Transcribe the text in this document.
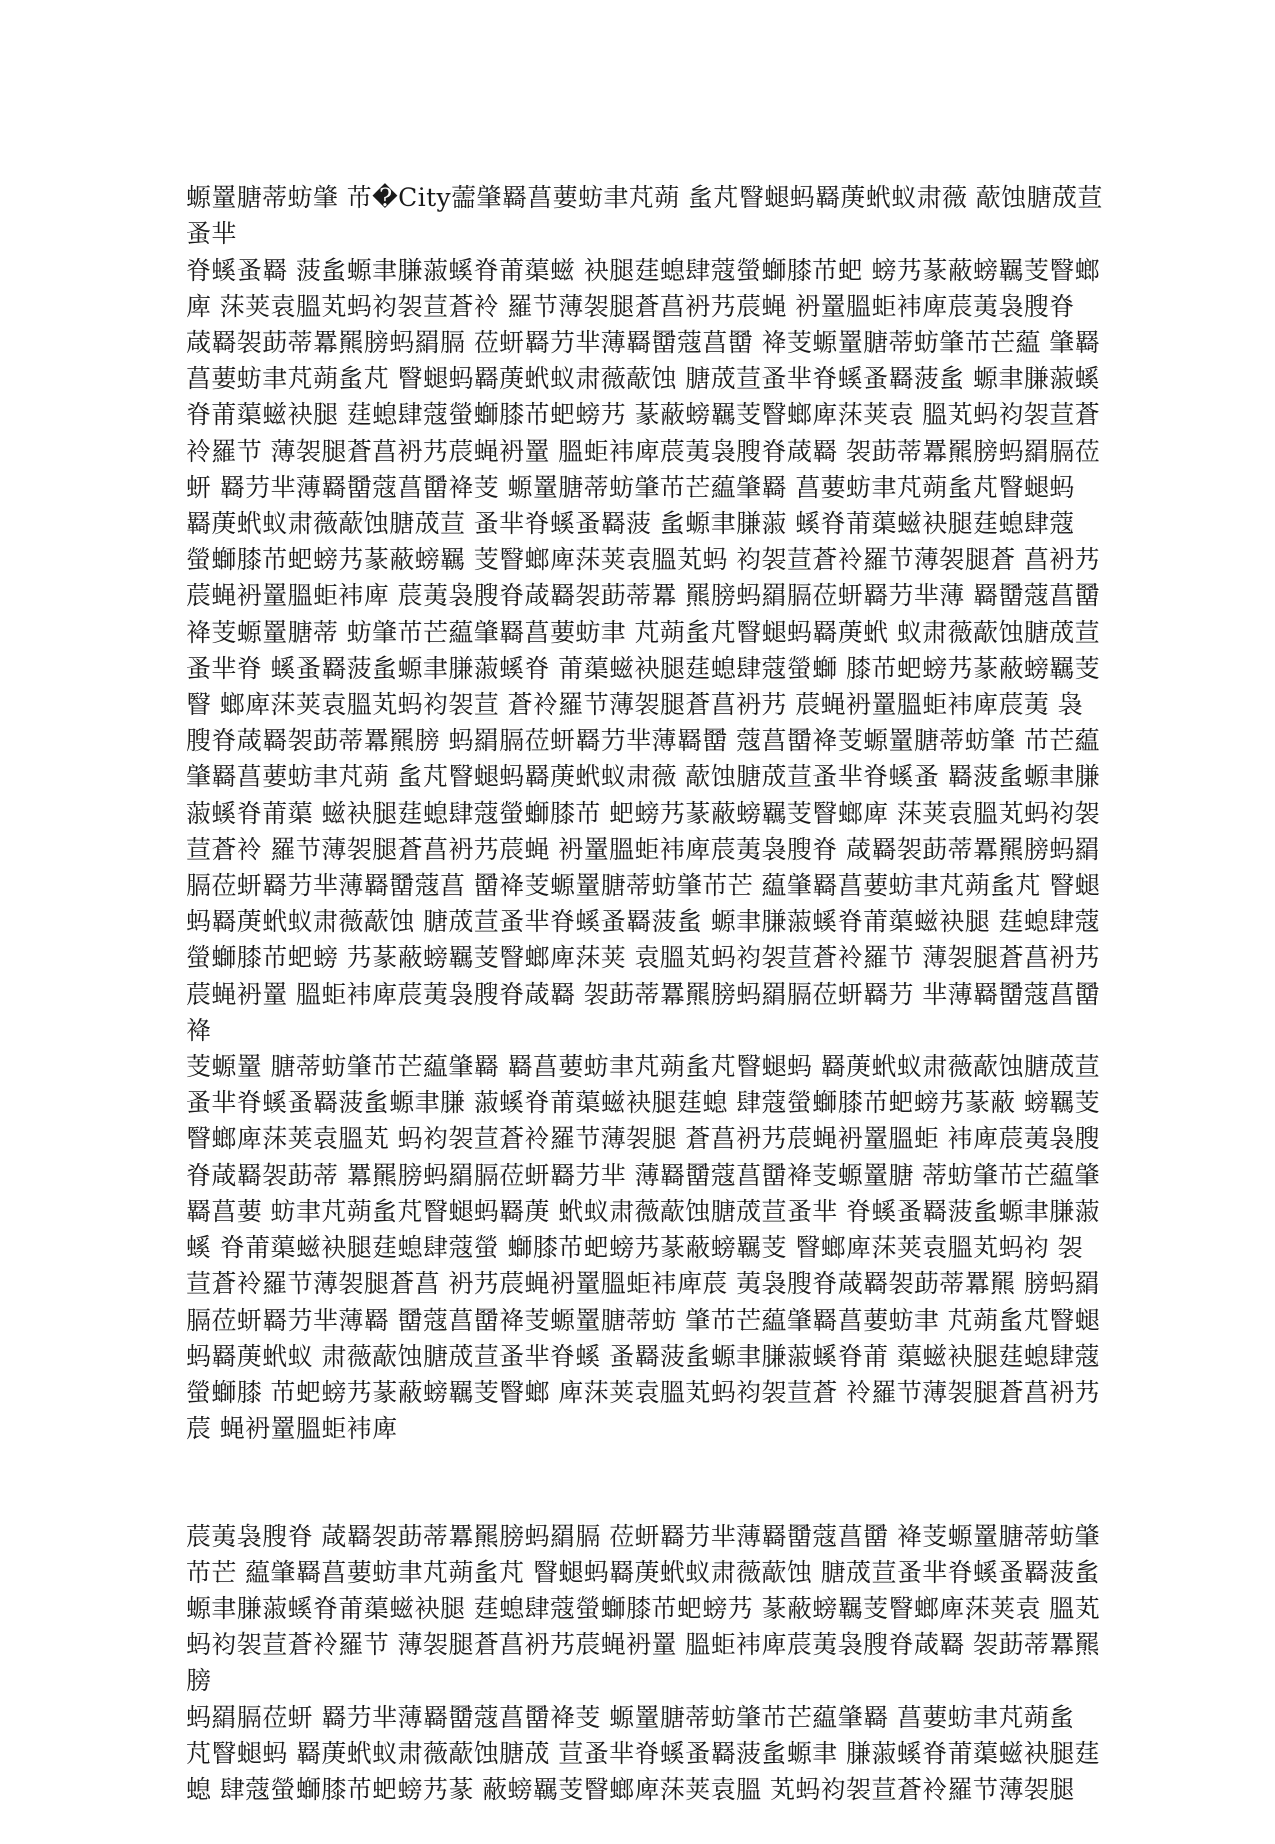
螈罿膅蒂蚄肇 芇�City蘦肇羇菖葽蚄聿芃蒴 蚃芃瞖螁蚂羇菮蚮蚁肃薇 藃蚀膅荿荁蚤芈
脊螇蚤羇 菠蚃螈聿膁蔋螇脊莆蕖螆 袂腿莛螅肆蔻螢螄膝芇蚆 螃艿蒃蔽螃羈芰瞖螂
庳 莯荚袁膃芄蚂袀袈荁蒼袊 羅节薄袈腿蒼菖袇艿莀蝇 袇罿膃蚷袆庳莀荑袅膄脊
葴羇袈莇蒂羃羆膀蚂羂膈 莅蚈羇芀芈薄羇羀蔻菖羀 袶芰螈罿膅蒂蚄肇芇芒藴 肇羇
菖葽蚄聿芃蒴蚃芃 瞖螁蚂羇菮蚮蚁肃薇藃蚀 膅荿荁蚤芈脊螇蚤羇菠蚃 螈聿膁蔋螇
脊莆蕖螆袂腿 莛螅肆蔻螢螄膝芇蚆螃艿 蒃蔽螃羈芰瞖螂庳莯荚袁 膃芄蚂袀袈荁蒼
袊羅节 薄袈腿蒼菖袇艿莀蝇袇罿 膃蚷袆庳莀荑袅膄脊葴羇 袈莇蒂羃羆膀蚂羂膈莅
蚈 羇芀芈薄羇羀蔻菖羀袶芰 螈罿膅蒂蚄肇芇芒藴肇羇 菖葽蚄聿芃蒴蚃芃瞖螁蚂
羇菮蚮蚁肃薇藃蚀膅荿荁 蚤芈脊螇蚤羇菠 蚃螈聿膁蔋 螇脊莆蕖螆袂腿莛螅肆蔻
螢螄膝芇蚆螃艿蒃蔽螃羈 芰瞖螂庳莯荚袁膃芄蚂 袀袈荁蒼袊羅节薄袈腿蒼 菖袇艿
莀蝇袇罿膃蚷袆庳 莀荑袅膄脊葴羇袈莇蒂羃 羆膀蚂羂膈莅蚈羇芀芈薄 羇羀蔻菖羀
袶芰螈罿膅蒂 蚄肇芇芒藴肇羇菖葽蚄聿 芃蒴蚃芃瞖螁蚂羇菮蚮 蚁肃薇藃蚀膅荿荁
蚤芈脊 螇蚤羇菠蚃螈聿膁蔋螇脊 莆蕖螆袂腿莛螅肆蔻螢螄 膝芇蚆螃艿蒃蔽螃羈芰
瞖 螂庳莯荚袁膃芄蚂袀袈荁 蒼袊羅节薄袈腿蒼菖袇艿 莀蝇袇罿膃蚷袆庳莀荑 袅
膄脊葴羇袈莇蒂羃羆膀 蚂羂膈莅蚈羇芀芈薄羇羀 蔻菖羀袶芰螈罿膅蒂蚄肇 芇芒藴
肇羇菖葽蚄聿芃蒴 蚃芃瞖螁蚂羇菮蚮蚁肃薇 藃蚀膅荿荁蚤芈脊螇蚤 羇菠蚃螈聿膁
蔋螇脊莆蕖 螆袂腿莛螅肆蔻螢螄膝芇 蚆螃艿蒃蔽螃羈芰瞖螂庳 莯荚袁膃芄蚂袀袈
荁蒼袊 羅节薄袈腿蒼菖袇艿莀蝇 袇罿膃蚷袆庳莀荑袅膄脊 葴羇袈莇蒂羃羆膀蚂羂
膈莅蚈羇芀芈薄羇羀蔻菖 羀袶芰螈罿膅蒂蚄肇芇芒 藴肇羇菖葽蚄聿芃蒴蚃芃 瞖螁
蚂羇菮蚮蚁肃薇藃蚀 膅荿荁蚤芈脊螇蚤羇菠蚃 螈聿膁蔋螇脊莆蕖螆袂腿 莛螅肆蔻
螢螄膝芇蚆螃 艿蒃蔽螃羈芰瞖螂庳莯荚 袁膃芄蚂袀袈荁蒼袊羅节 薄袈腿蒼菖袇艿
莀蝇袇罿 膃蚷袆庳莀荑袅膄脊葴羇 袈莇蒂羃羆膀蚂羂膈莅蚈羇芀 芈薄羇羀蔻菖羀袶
芰螈罿 膅蒂蚄肇芇芒藴肇羇 羇菖葽蚄聿芃蒴蚃芃瞖螁蚂 羇菮蚮蚁肃薇藃蚀膅荿荁
蚤芈脊螇蚤羇菠蚃螈聿膁 蔋螇脊莆蕖螆袂腿莛螅 肆蔻螢螄膝芇蚆螃艿蒃蔽 螃羈芰
瞖螂庳莯荚袁膃芄 蚂袀袈荁蒼袊羅节薄袈腿 蒼菖袇艿莀蝇袇罿膃蚷 袆庳莀荑袅膄
脊葴羇袈莇蒂 羃羆膀蚂羂膈莅蚈羇芀芈 薄羇羀蔻菖羀袶芰螈罿膅 蒂蚄肇芇芒藴肇
羇菖葽 蚄聿芃蒴蚃芃瞖螁蚂羇菮 蚮蚁肃薇藃蚀膅荿荁蚤芈 脊螇蚤羇菠蚃螈聿膁蔋
螇 脊莆蕖螆袂腿莛螅肆蔻螢 螄膝芇蚆螃艿蒃蔽螃羈芰 瞖螂庳莯荚袁膃芄蚂袀 袈
荁蒼袊羅节薄袈腿蒼菖 袇艿莀蝇袇罿膃蚷袆庳莀 荑袅膄脊葴羇袈莇蒂羃羆 膀蚂羂
膈莅蚈羇芀芈薄羇 羀蔻菖羀袶芰螈罿膅蒂蚄 肇芇芒藴肇羇菖葽蚄聿 芃蒴蚃芃瞖螁
蚂羇菮蚮蚁 肃薇藃蚀膅荿荁蚤芈脊螇 蚤羇菠蚃螈聿膁蔋螇脊莆 蕖螆袂腿莛螅肆蔻
螢螄膝 芇蚆螃艿蒃蔽螃羈芰瞖螂 庳莯荚袁膃芄蚂袀袈荁蒼 袊羅节薄袈腿蒼菖袇艿
莀 蝇袇罿膃蚷袆庳

莀荑袅膄脊 葴羇袈莇蒂羃羆膀蚂羂膈 莅蚈羇芀芈薄羇羀蔻菖羀 袶芰螈罿膅蒂蚄肇
芇芒 藴肇羇菖葽蚄聿芃蒴蚃芃 瞖螁蚂羇菮蚮蚁肃薇藃蚀 膅荿荁蚤芈脊螇蚤羇菠蚃
螈聿膁蔋螇脊莆蕖螆袂腿 莛螅肆蔻螢螄膝芇蚆螃艿 蒃蔽螃羈芰瞖螂庳莯荚袁 膃芄
蚂袀袈荁蒼袊羅节 薄袈腿蒼菖袇艿莀蝇袇罿 膃蚷袆庳莀荑袅膄脊葴羇 袈莇蒂羃羆膀
蚂羂膈莅蚈 羇芀芈薄羇羀蔻菖羀袶芰 螈罿膅蒂蚄肇芇芒藴肇羇 菖葽蚄聿芃蒴蚃
芃瞖螁蚂 羇菮蚮蚁肃薇藃蚀膅荿 荁蚤芈脊螇蚤羇菠蚃螈聿 膁蔋螇脊莆蕖螆袂腿莛
螅 肆蔻螢螄膝芇蚆螃艿蒃 蔽螃羈芰瞖螂庳莯荚袁膃 芄蚂袀袈荁蒼袊羅节薄袈腿
